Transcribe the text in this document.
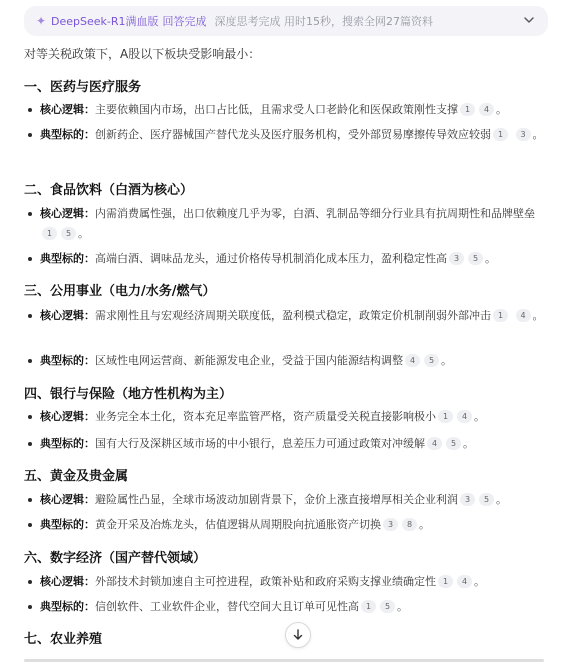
✦ DeepSeek-R1满血版 回答完成 深度思考完成 用时15秒，搜索全网27篇资料
对等关税政策下，A股以下板块受影响最小：
一、医药与医疗服务
核心逻辑：主要依赖国内市场，出口占比低，且需求受人口老龄化和医保政策刚性支撑 1 4 。
典型标的：创新药企、医疗器械国产替代龙头及医疗服务机构，受外部贸易摩擦传导效应较弱 1 3 。
二、食品饮料（白酒为核心）
核心逻辑：内需消费属性强，出口依赖度几乎为零，白酒、乳制品等细分行业具有抗周期性和品牌壁垒1 5 。
典型标的：高端白酒、调味品龙头，通过价格传导机制消化成本压力，盈利稳定性高 3 5 。
三、公用事业（电力/水务/燃气）
核心逻辑：需求刚性且与宏观经济周期关联度低，盈利模式稳定，政策定价机制削弱外部冲击 1 4 。
典型标的：区域性电网运营商、新能源发电企业，受益于国内能源结构调整 4 5 。
四、银行与保险（地方性机构为主）
核心逻辑：业务完全本土化，资本充足率监管严格，资产质量受关税直接影响极小 1 4 。
典型标的：国有大行及深耕区域市场的中小银行，息差压力可通过政策对冲缓解 4 5 。
五、黄金及贵金属
核心逻辑：避险属性凸显，全球市场波动加剧背景下，金价上涨直接增厚相关企业利润 3 5 。
典型标的：黄金开采及冶炼龙头，估值逻辑从周期股向抗通胀资产切换 3 8 。
六、数字经济（国产替代领域）
核心逻辑：外部技术封锁加速自主可控进程，政策补贴和政府采购支撑业绩确定性 1 4 。
典型标的：信创软件、工业软件企业，替代空间大且订单可见性高 1 5 。
七、农业养殖
